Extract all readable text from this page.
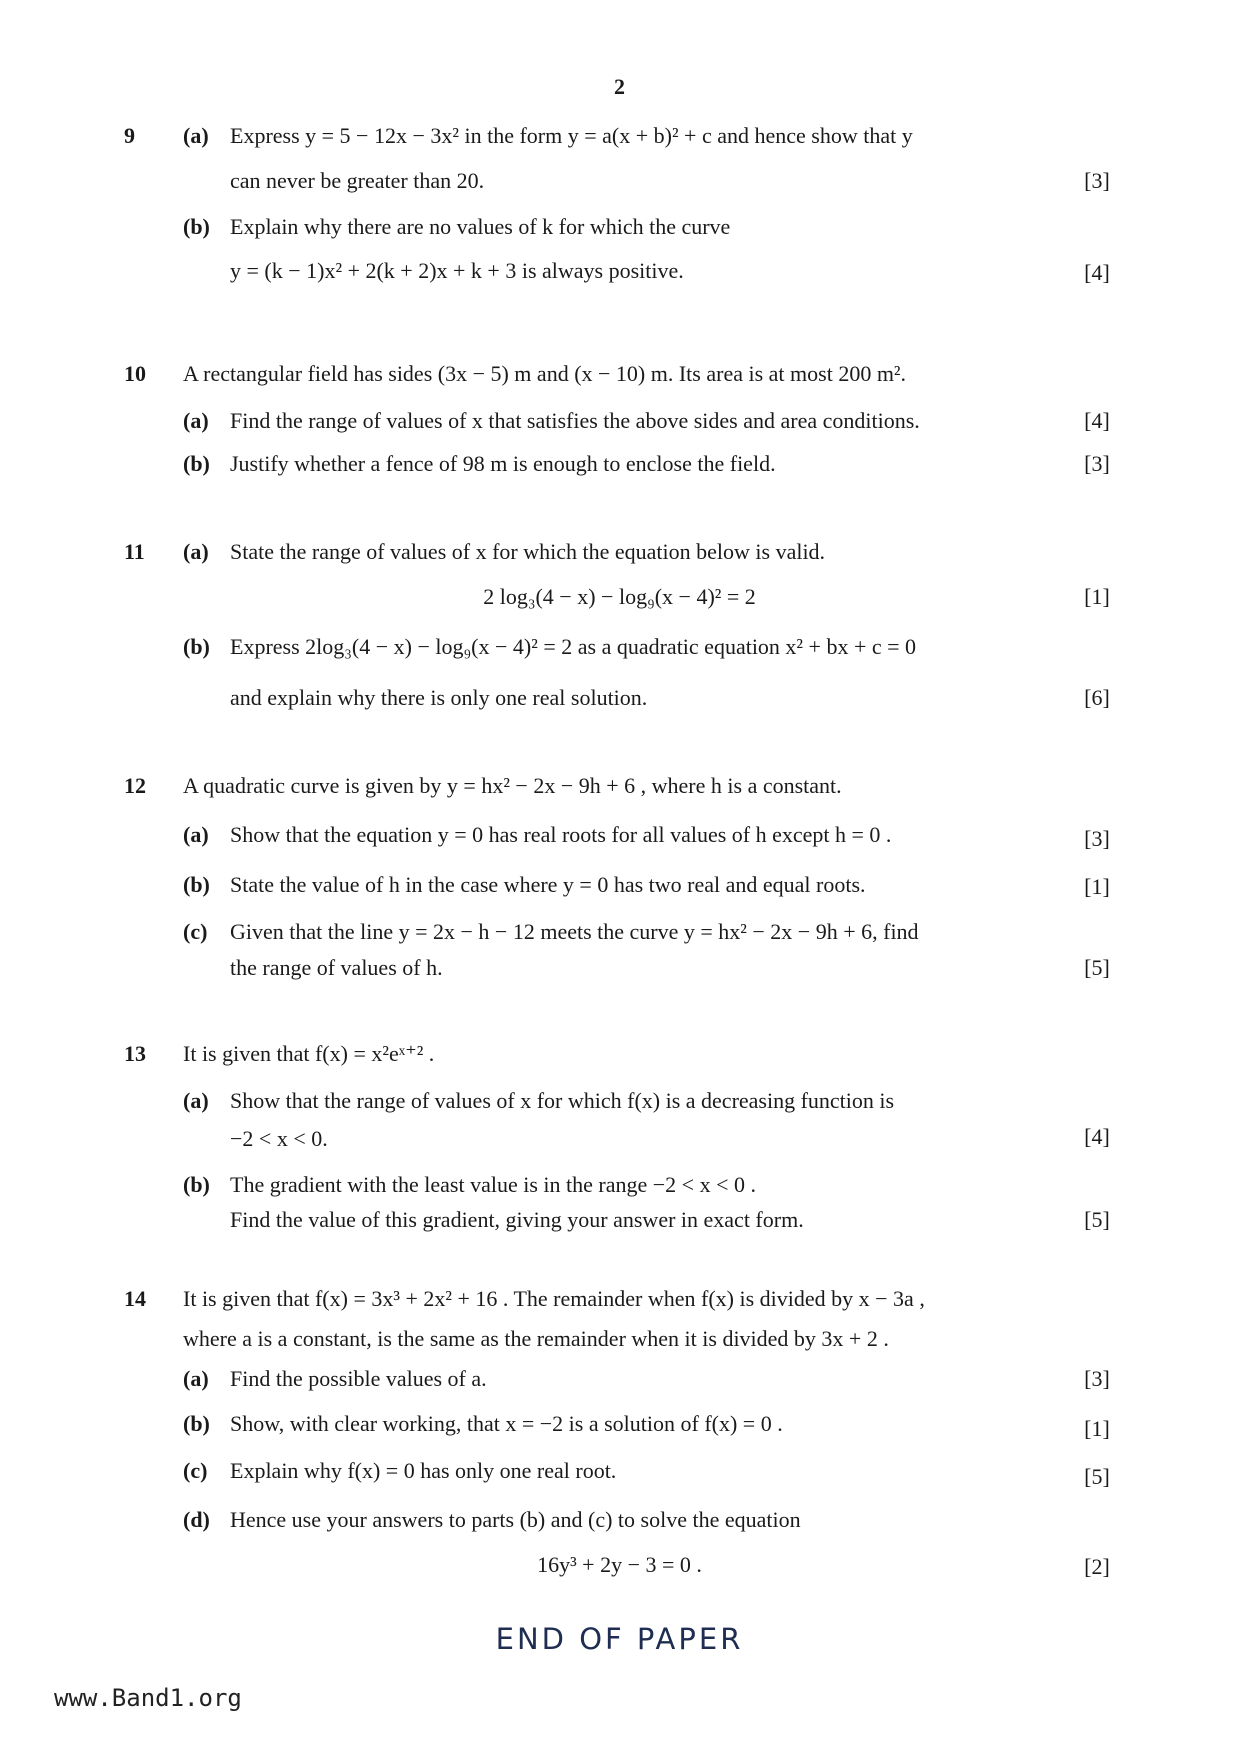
2
9 (a) Express y = 5 − 12x − 3x² in the form y = a(x + b)² + c and hence show that y
can never be greater than 20.	[3]
(b) Explain why there are no values of k for which the curve
y = (k − 1)x² + 2(k + 2)x + k + 3 is always positive.	[4]
10 A rectangular field has sides (3x − 5) m and (x − 10) m. Its area is at most 200 m².
(a) Find the range of values of x that satisfies the above sides and area conditions.	[4]
(b) Justify whether a fence of 98 m is enough to enclose the field.	[3]
11 (a) State the range of values of x for which the equation below is valid.
2 log₃(4 − x) − log₉(x − 4)² = 2	[1]
(b) Express 2log₃(4 − x) − log₉(x − 4)² = 2 as a quadratic equation x² + bx + c = 0
and explain why there is only one real solution.	[6]
12 A quadratic curve is given by y = hx² − 2x − 9h + 6 , where h is a constant.
(a) Show that the equation y = 0 has real roots for all values of h except h = 0 .	[3]
(b) State the value of h in the case where y = 0 has two real and equal roots.	[1]
(c) Given that the line y = 2x − h − 12 meets the curve y = hx² − 2x − 9h + 6, find
the range of values of h.	[5]
13 It is given that f(x) = x²eˣ⁺² .
(a) Show that the range of values of x for which f(x) is a decreasing function is
−2 < x < 0.	[4]
(b) The gradient with the least value is in the range −2 < x < 0 .
Find the value of this gradient, giving your answer in exact form.	[5]
14 It is given that f(x) = 3x³ + 2x² + 16 . The remainder when f(x) is divided by x − 3a ,
where a is a constant, is the same as the remainder when it is divided by 3x + 2 .
(a) Find the possible values of a.	[3]
(b) Show, with clear working, that x = −2 is a solution of f(x) = 0 .	[1]
(c) Explain why f(x) = 0 has only one real root.	[5]
(d) Hence use your answers to parts (b) and (c) to solve the equation
16y³ + 2y − 3 = 0 .	[2]
END OF PAPER
www.Band1.org
